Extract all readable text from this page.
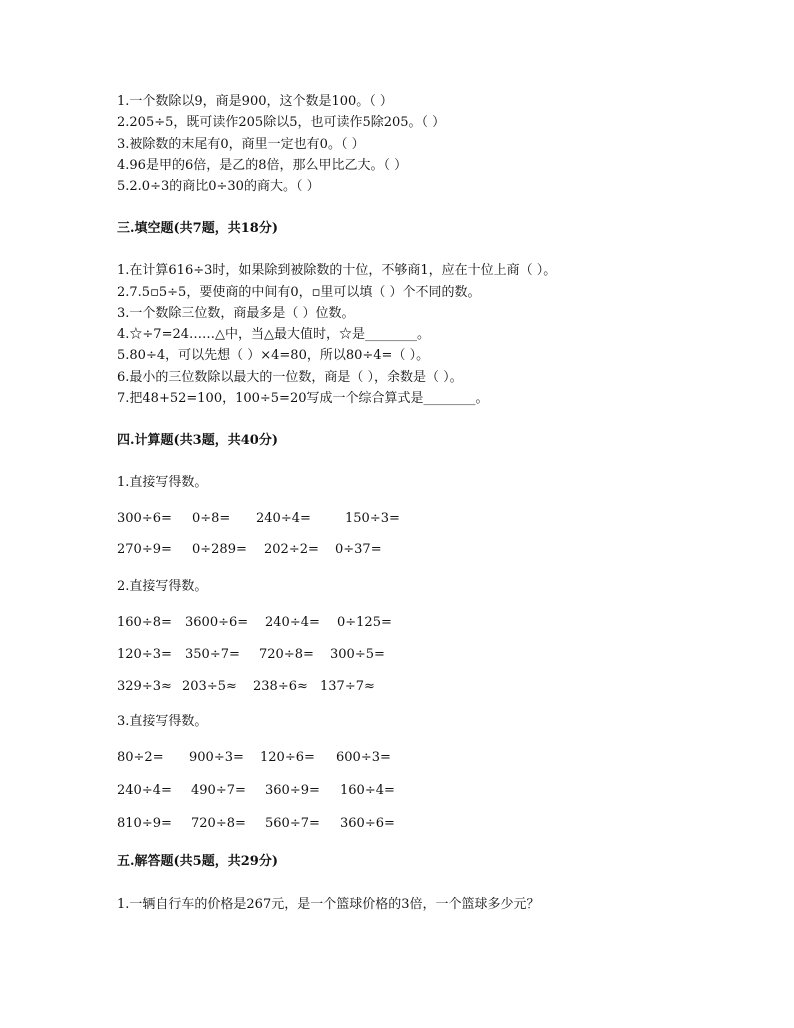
1.一个数除以9，商是900，这个数是100。（ ）
2.205÷5，既可读作205除以5，也可读作5除205。（ ）
3.被除数的末尾有0，商里一定也有0。（ ）
4.96是甲的6倍，是乙的8倍，那么甲比乙大。（ ）
5.2.0÷3的商比0÷30的商大。（ ）
三.填空题(共7题，共18分)
1.在计算616÷3时，如果除到被除数的十位，不够商1，应在十位上商（ ）。
2.7.5▫5÷5，要使商的中间有0，▫里可以填（ ）个不同的数。
3.一个数除三位数，商最多是（ ）位数。
4.☆÷7=24……△中，当△最大值时，☆是________。
5.80÷4，可以先想（ ）×4=80，所以80÷4=（ ）。
6.最小的三位数除以最大的一位数，商是（ ），余数是（ ）。
7.把48+52=100，100÷5=20写成一个综合算式是________。
四.计算题(共3题，共40分)
1.直接写得数。
300÷6= 0÷8= 240÷4=	150÷3=
270÷9= 0÷289= 202÷2= 0÷37=
2.直接写得数。
160÷8= 3600÷6= 240÷4= 0÷125=
120÷3= 350÷7= 720÷8= 300÷5=
329÷3≈ 203÷5≈ 238÷6≈ 137÷7≈
3.直接写得数。
80÷2= 900÷3= 120÷6= 600÷3=
240÷4= 490÷7= 360÷9= 160÷4=
810÷9= 720÷8= 560÷7= 360÷6=
五.解答题(共5题，共29分)
1.一辆自行车的价格是267元，是一个篮球价格的3倍，一个篮球多少元？
